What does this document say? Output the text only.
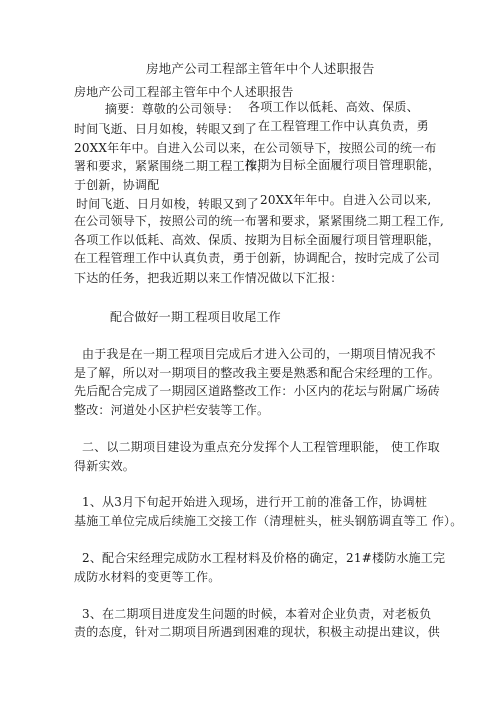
房地产公司工程部主管年中个人述职报告
房地产公司工程部主管年中个人述职报告
摘要：尊敬的公司领导： 各项工作以低耗、高效、保质、
时间飞逝、日月如梭，转眼又到了 在工程管理工作中认真负责，勇
20XX年年中。自进入公司以来，在公司领导下，按照公司的统一布
署和要求，紧紧围绕二期工程工作，
按期为目标全面履行项目管理职能，
于创新，协调配
时间飞逝、日月如梭，转眼又到了 20XX年年中。自进入公司以来,
在公司领导下，按照公司的统一布署和要求，紧紧围绕二期工程工作,
各项工作以低耗、高效、保质、按期为目标全面履行项目管理职能，
在工程管理工作中认真负责，勇于创新，协调配合，按时完成了公司
下达的任务，把我近期以来工作情况做以下汇报：
配合做好一期工程项目收尾工作
由于我是在一期工程项目完成后才进入公司的，一期项目情况我不
是了解，所以对一期项目的整改我主要是熟悉和配合宋经理的工作。
先后配合完成了一期园区道路整改工作：小区内的花坛与附属广场砖
整改：河道处小区护栏安装等工作。
二、以二期项目建设为重点充分发挥个人工程管理职能， 使工作取
得新实效。
1、从3月下旬起开始进入现场，进行开工前的准备工作，协调桩
基施工单位完成后续施工交接工作（清理桩头，桩头钢筋调直等工 作）。
2、配合宋经理完成防水工程材料及价格的确定，21#楼防水施工完
成防水材料的变更等工作。
3、在二期项目进度发生问题的时候，本着对企业负责，对老板负
责的态度，针对二期项目所遇到困难的现状，积极主动提出建议，供
